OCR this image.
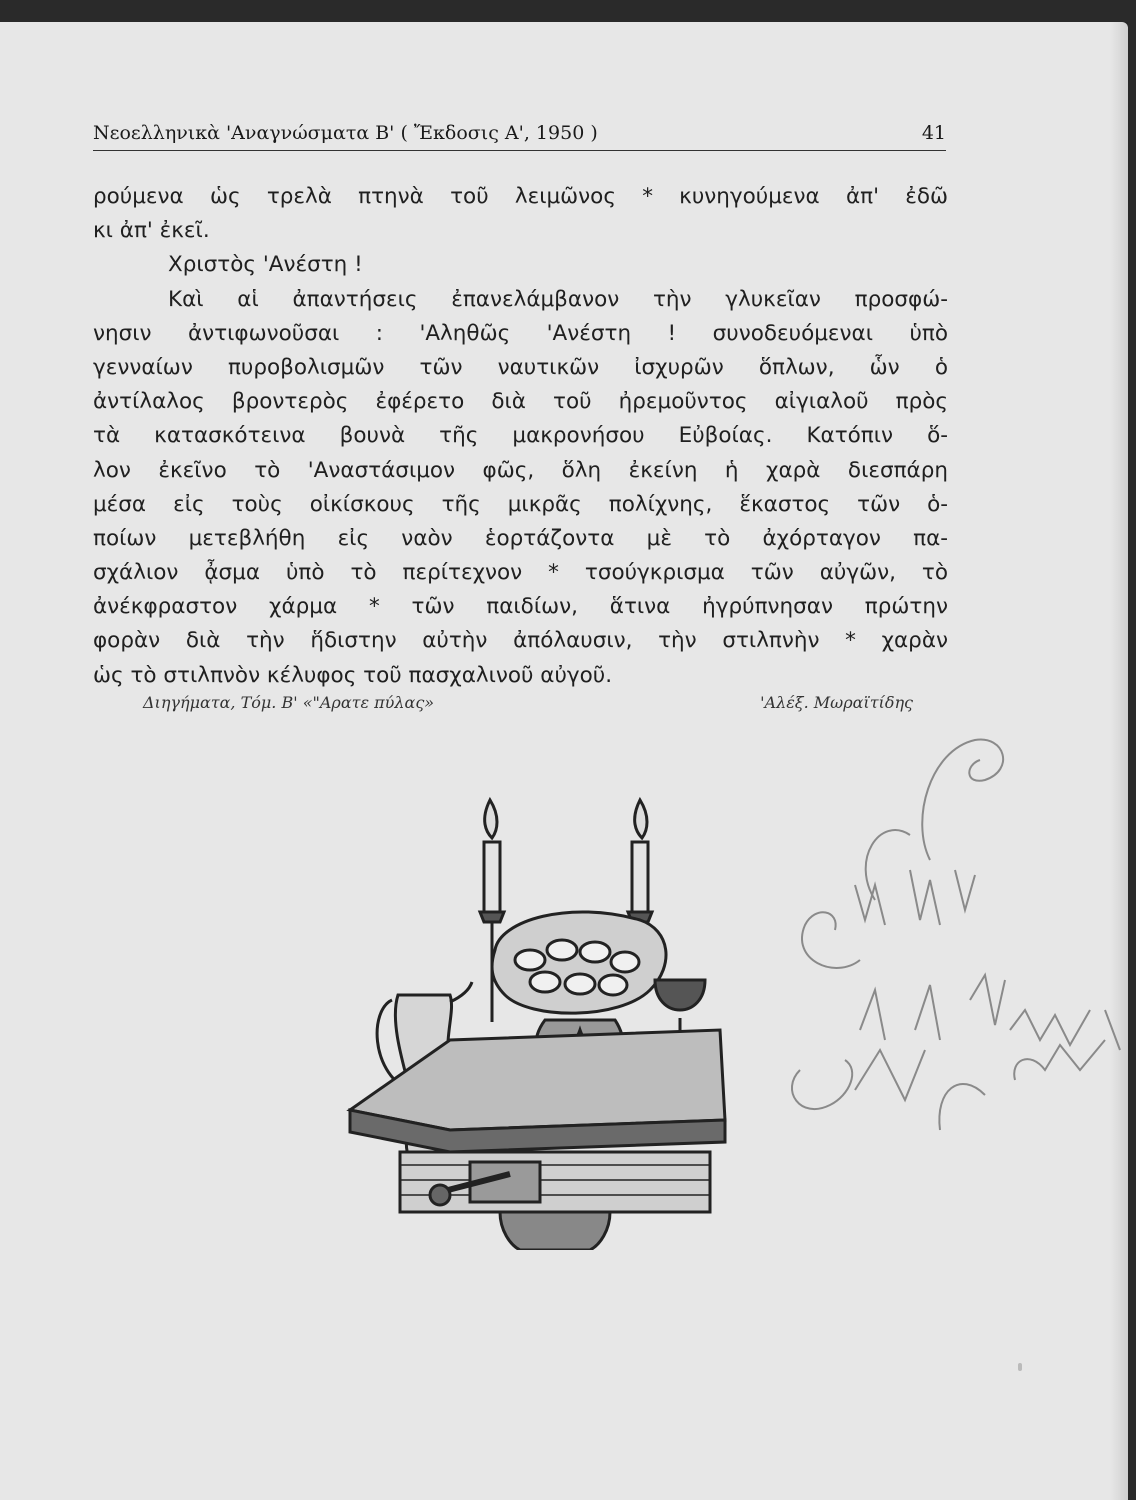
Νεοελληνικὰ 'Αναγνώσματα Β' ( Ἔκδοσις Α', 1950 )	41
ρούμενα ὡς τρελὰ πτηνὰ τοῦ λειμῶνος * κυνηγούμενα ἀπ' ἐδῶ
κι ἀπ' ἐκεῖ.
Χριστὸς 'Ανέστη !
Καὶ αἱ ἀπαντήσεις ἐπανελάμβανον τὴν γλυκεῖαν προσφώ-
νησιν ἀντιφωνοῦσαι : 'Αληθῶς 'Ανέστη ! συνοδευόμεναι ὑπὸ
γενναίων πυροβολισμῶν τῶν ναυτικῶν ἰσχυρῶν ὅπλων, ὧν ὁ
ἀντίλαλος βροντερὸς ἐφέρετο διὰ τοῦ ἠρεμοῦντος αἰγιαλοῦ πρὸς
τὰ κατασκότεινα βουνὰ τῆς μακρονήσου Εὐβοίας. Κατόπιν ὅ-
λον ἐκεῖνο τὸ 'Αναστάσιμον φῶς, ὅλη ἐκείνη ἡ χαρὰ διεσπάρη
μέσα εἰς τοὺς οἰκίσκους τῆς μικρᾶς πολίχνης, ἕκαστος τῶν ὁ-
ποίων μετεβλήθη εἰς ναὸν ἑορτάζοντα μὲ τὸ ἀχόρταγον πα-
σχάλιον ᾆσμα ὑπὸ τὸ περίτεχνον * τσούγκρισμα τῶν αὐγῶν, τὸ
ἀνέκφραστον χάρμα * τῶν παιδίων, ἅτινα ἠγρύπνησαν πρώτην
φορὰν διὰ τὴν ἥδιστην αὐτὴν ἀπόλαυσιν, τὴν στιλπνὴν * χαρὰν
ὡς τὸ στιλπνὸν κέλυφος τοῦ πασχαλινοῦ αὐγοῦ.
Διηγήματα, Τόμ. Β' «"Αρατε πύλας»	'Αλέξ. Μωραϊτίδης
